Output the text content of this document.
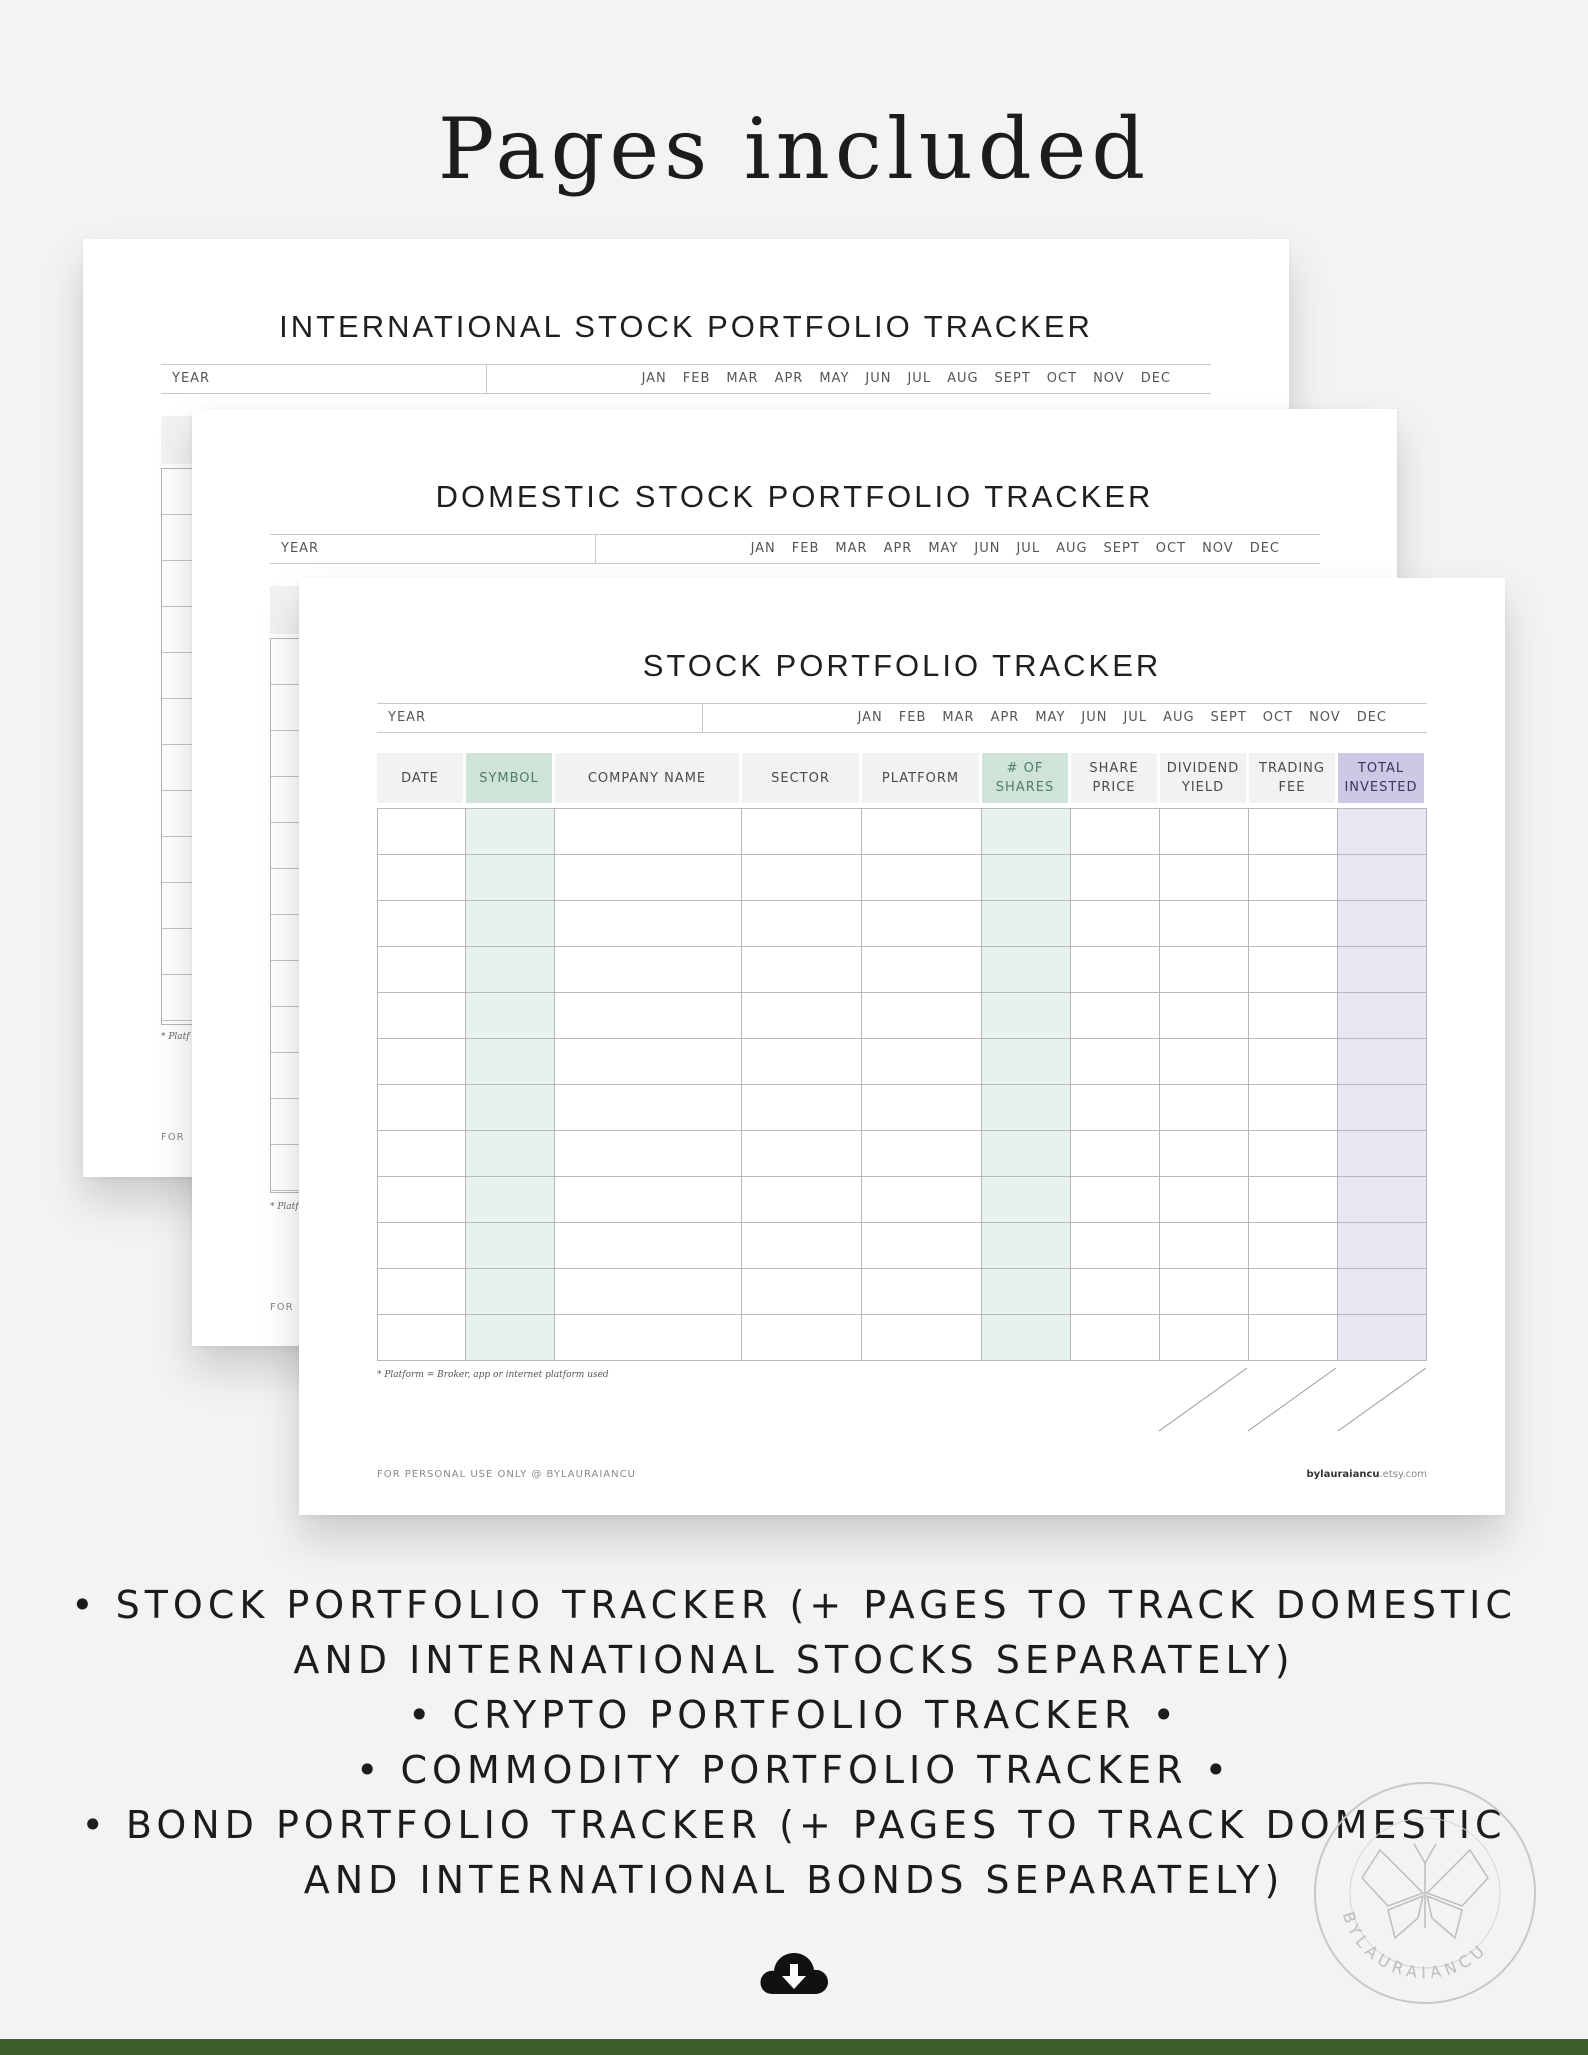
Pages included
INTERNATIONAL STOCK PORTFOLIO TRACKER
YEAR	JAN FEB MAR APR MAY JUN JUL AUG SEPT OCT NOV DEC
* Platf
FOR
DOMESTIC STOCK PORTFOLIO TRACKER
YEAR	JAN FEB MAR APR MAY JUN JUL AUG SEPT OCT NOV DEC
* Platf
FOR
STOCK PORTFOLIO TRACKER
YEAR	JAN FEB MAR APR MAY JUN JUL AUG SEPT OCT NOV DEC
DATE	SYMBOL	COMPANY NAME	SECTOR	PLATFORM	# OF SHARES	SHARE PRICE	DIVIDEND YIELD	TRADING FEE	TOTAL INVESTED

* Platform = Broker, app or internet platform used
FOR PERSONAL USE ONLY @ BYLAURAIANCU	bylauraiancu.etsy.com
• STOCK PORTFOLIO TRACKER (+ PAGES TO TRACK DOMESTIC
AND INTERNATIONAL STOCKS SEPARATELY)
• CRYPTO PORTFOLIO TRACKER •
• COMMODITY PORTFOLIO TRACKER •
• BOND PORTFOLIO TRACKER (+ PAGES TO TRACK DOMESTIC
AND INTERNATIONAL BONDS SEPARATELY)
BYLAURAIANCU
